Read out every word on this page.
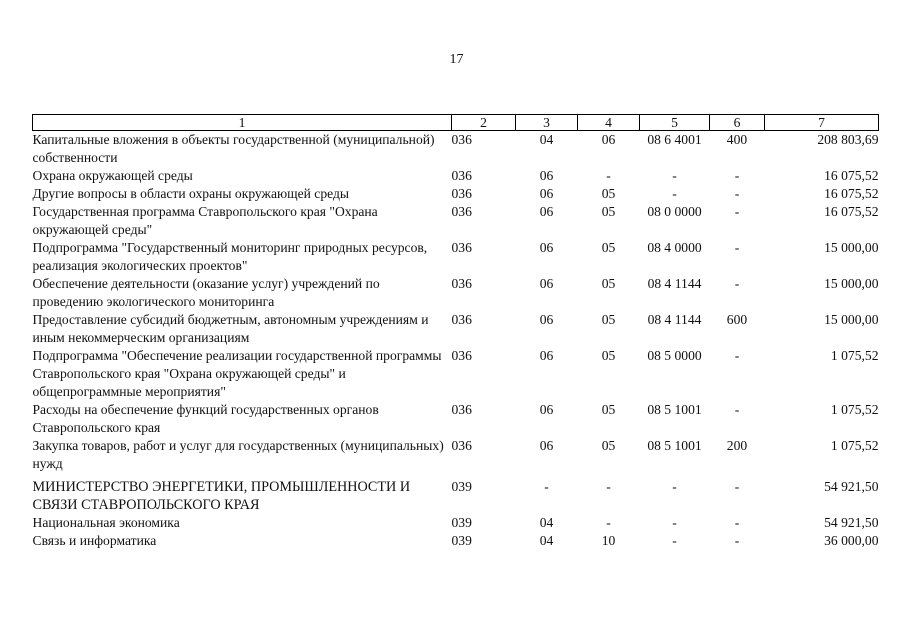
17
1	2	3	4	5	6	7
Капитальные вложения в объекты государственной (муниципальной) собственности	036	04	06	08 6 4001	400	208 803,69
Охрана окружающей среды	036	06	-	-	-	16 075,52
Другие вопросы в области охраны окружающей среды	036	06	05	-	-	16 075,52
Государственная программа Ставропольского края "Охрана окружающей среды"	036	06	05	08 0 0000	-	16 075,52
Подпрограмма "Государственный мониторинг природных ресурсов, реализация экологических проектов"	036	06	05	08 4 0000	-	15 000,00
Обеспечение деятельности (оказание услуг) учреждений по проведению экологического мониторинга	036	06	05	08 4 1144	-	15 000,00
Предоставление субсидий бюджетным, автономным учреждениям и иным некоммерческим организациям	036	06	05	08 4 1144	600	15 000,00
Подпрограмма "Обеспечение реализации государственной программы Ставропольского края "Охрана окружающей среды" и общепрограммные мероприятия"	036	06	05	08 5 0000	-	1 075,52
Расходы на обеспечение функций государственных органов Ставропольского края	036	06	05	08 5 1001	-	1 075,52
Закупка товаров, работ и услуг для государственных (муниципальных) нужд	036	06	05	08 5 1001	200	1 075,52
МИНИСТЕРСТВО ЭНЕРГЕТИКИ, ПРОМЫШЛЕННОСТИ И СВЯЗИ СТАВРОПОЛЬСКОГО КРАЯ	039	-	-	-	-	54 921,50
Национальная экономика	039	04	-	-	-	54 921,50
Связь и информатика	039	04	10	-	-	36 000,00
